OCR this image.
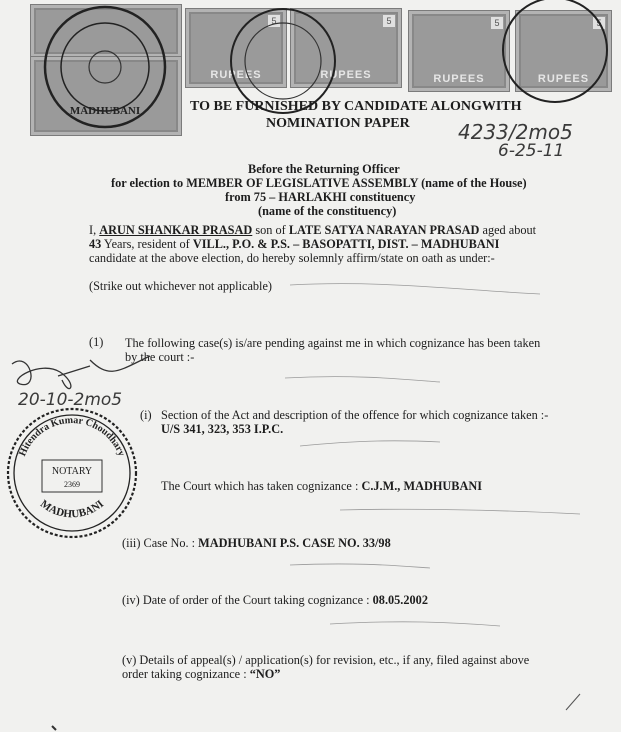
5
RUPEES
5
RUPEES
5
RUPEES
5
RUPEES
MADHUBANI	TO BE FURNISHED BY CANDIDATE ALONGWITH
NOMINATION PAPER 4233/2mo5
6-25-11
Before the Returning Officer
for election to MEMBER OF LEGISLATIVE ASSEMBLY (name of the House)
from 75 – HARLAKHI constituency
(name of the constituency)
I, ARUN SHANKAR PRASAD son of LATE SATYA NARAYAN PRASAD aged about
43 Years, resident of VILL., P.O. & P.S. – BASOPATTI, DIST. – MADHUBANI
candidate at the above election, do hereby solemnly affirm/state on oath as under:-
(Strike out whichever not applicable)
(1) The following case(s) is/are pending against me in which cognizance has been taken
by the court :-
(i) Section of the Act and description of the offence for which cognizance taken :-
U/S 341, 323, 353 I.P.C.
The Court which has taken cognizance : C.J.M., MADHUBANI
(iii) Case No. : MADHUBANI P.S. CASE NO. 33/98
(iv) Date of order of the Court taking cognizance : 08.05.2002
(v) Details of appeal(s) / application(s) for revision, etc., if any, filed against above
order taking cognizance : “NO”
20-10-2mo5
Hitendra Kumar Choudhary
MADHUBANI
NOTARY
2369
